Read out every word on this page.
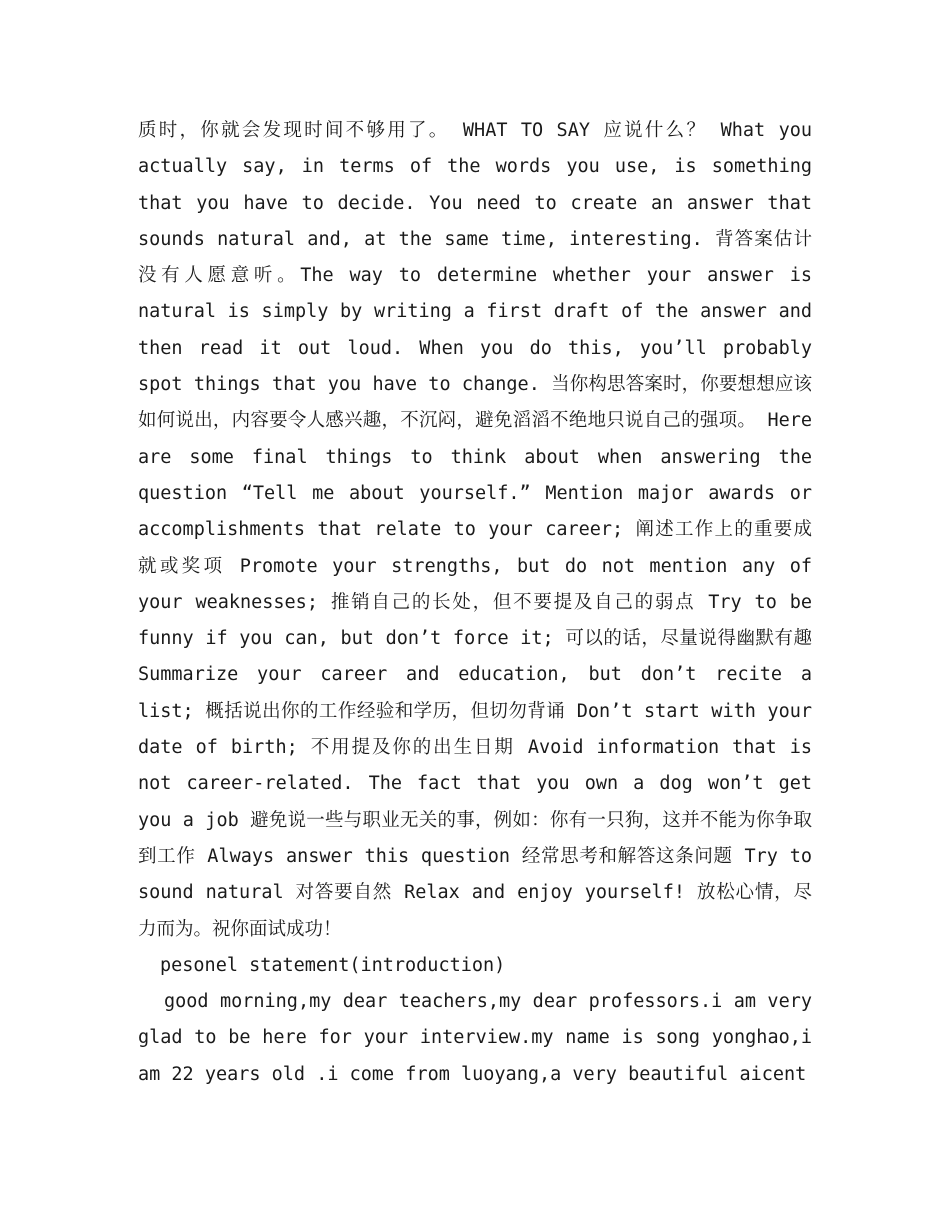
质时，你就会发现时间不够用了。 WHAT TO SAY 应说什么？ What you actually say, in terms of the words you use, is something that you have to decide. You need to create an answer that sounds natural and, at the same time, interesting. 背答案估计没有人愿意听。The way to determine whether your answer is natural is simply by writing a first draft of the answer and then read it out loud. When you do this, you’ll probably spot things that you have to change. 当你构思答案时，你要想想应该如何说出，内容要令人感兴趣，不沉闷，避免滔滔不绝地只说自己的强项。 Here are some final things to think about when answering the question “Tell me about yourself.” Mention major awards or accomplishments that relate to your career; 阐述工作上的重要成就或奖项 Promote your strengths, but do not mention any of your weaknesses; 推销自己的长处，但不要提及自己的弱点 Try to be funny if you can, but don’t force it; 可以的话，尽量说得幽默有趣 Summarize your career and education, but don’t recite a list; 概括说出你的工作经验和学历，但切勿背诵 Don’t start with your date of birth; 不用提及你的出生日期 Avoid information that is not career-related. The fact that you own a dog won’t get you a job 避免说一些与职业无关的事，例如：你有一只狗，这并不能为你争取到工作 Always answer this question 经常思考和解答这条问题 Try to sound natural 对答要自然 Relax and enjoy yourself! 放松心情，尽力而为。祝你面试成功！

pesonel statement(introduction)

good morning,my dear teachers,my dear professors.i am very glad to be here for your interview.my name is song yonghao,i am 22 years old .i come from luoyang,a very beautiful aicent
